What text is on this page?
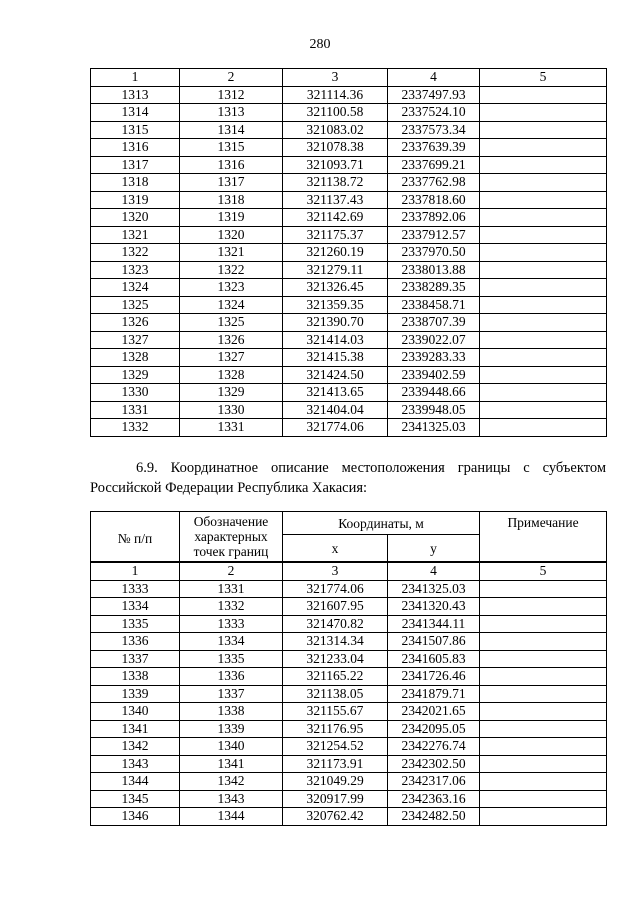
280
1	2	3	4	5
1313	1312	321114.36	2337497.93	
1314	1313	321100.58	2337524.10	
1315	1314	321083.02	2337573.34	
1316	1315	321078.38	2337639.39	
1317	1316	321093.71	2337699.21	
1318	1317	321138.72	2337762.98	
1319	1318	321137.43	2337818.60	
1320	1319	321142.69	2337892.06	
1321	1320	321175.37	2337912.57	
1322	1321	321260.19	2337970.50	
1323	1322	321279.11	2338013.88	
1324	1323	321326.45	2338289.35	
1325	1324	321359.35	2338458.71	
1326	1325	321390.70	2338707.39	
1327	1326	321414.03	2339022.07	
1328	1327	321415.38	2339283.33	
1329	1328	321424.50	2339402.59	
1330	1329	321413.65	2339448.66	
1331	1330	321404.04	2339948.05	
1332	1331	321774.06	2341325.03	
6.9. Координатное описание местоположения границы с субъектом
Российской Федерации Республика Хакасия:
№ п/п	Обозначение характерных точек границ	Координаты, м		Примечание
		x	y	
1	2	3	4	5
1333	1331	321774.06	2341325.03	
1334	1332	321607.95	2341320.43	
1335	1333	321470.82	2341344.11	
1336	1334	321314.34	2341507.86	
1337	1335	321233.04	2341605.83	
1338	1336	321165.22	2341726.46	
1339	1337	321138.05	2341879.71	
1340	1338	321155.67	2342021.65	
1341	1339	321176.95	2342095.05	
1342	1340	321254.52	2342276.74	
1343	1341	321173.91	2342302.50	
1344	1342	321049.29	2342317.06	
1345	1343	320917.99	2342363.16	
1346	1344	320762.42	2342482.50	
